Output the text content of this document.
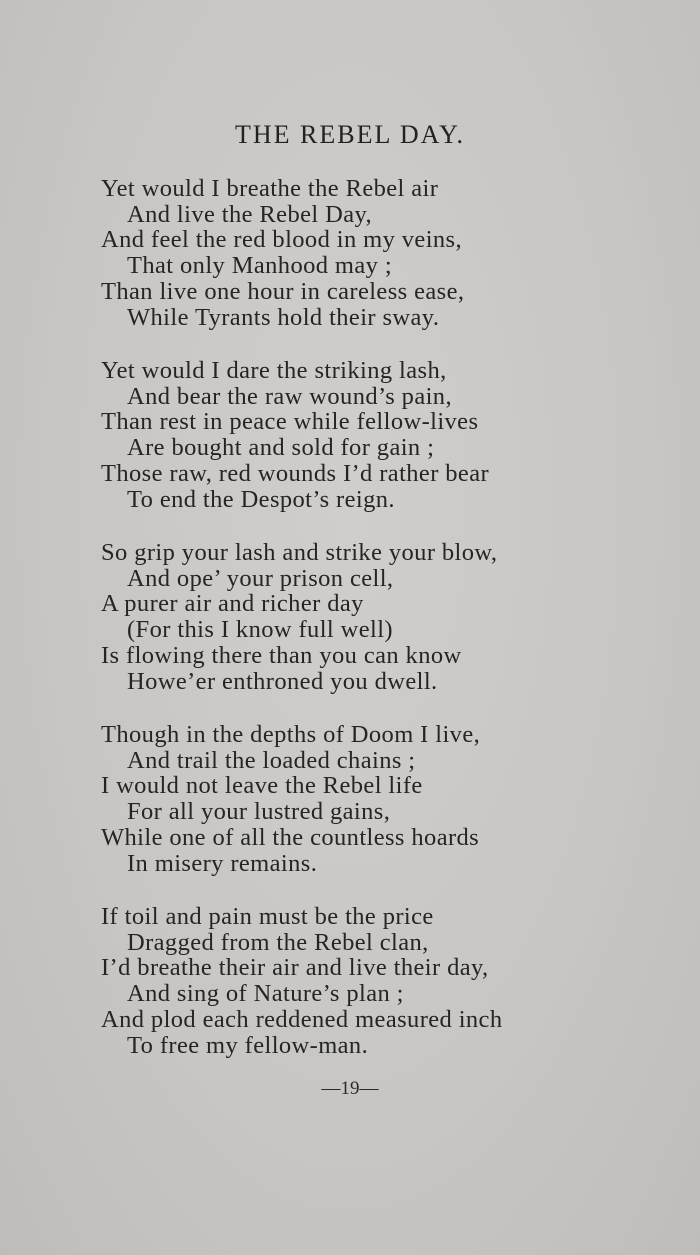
THE REBEL DAY.
Yet would I breathe the Rebel air
And live the Rebel Day,
And feel the red blood in my veins,
That only Manhood may ;
Than live one hour in careless ease,
While Tyrants hold their sway.
Yet would I dare the striking lash,
And bear the raw wound’s pain,
Than rest in peace while fellow-lives
Are bought and sold for gain ;
Those raw, red wounds I’d rather bear
To end the Despot’s reign.
So grip your lash and strike your blow,
And ope’ your prison cell,
A purer air and richer day
(For this I know full well)
Is flowing there than you can know
Howe’er enthroned you dwell.
Though in the depths of Doom I live,
And trail the loaded chains ;
I would not leave the Rebel life
For all your lustred gains,
While one of all the countless hoards
In misery remains.
If toil and pain must be the price
Dragged from the Rebel clan,
I’d breathe their air and live their day,
And sing of Nature’s plan ;
And plod each reddened measured inch
To free my fellow-man.
—19—
